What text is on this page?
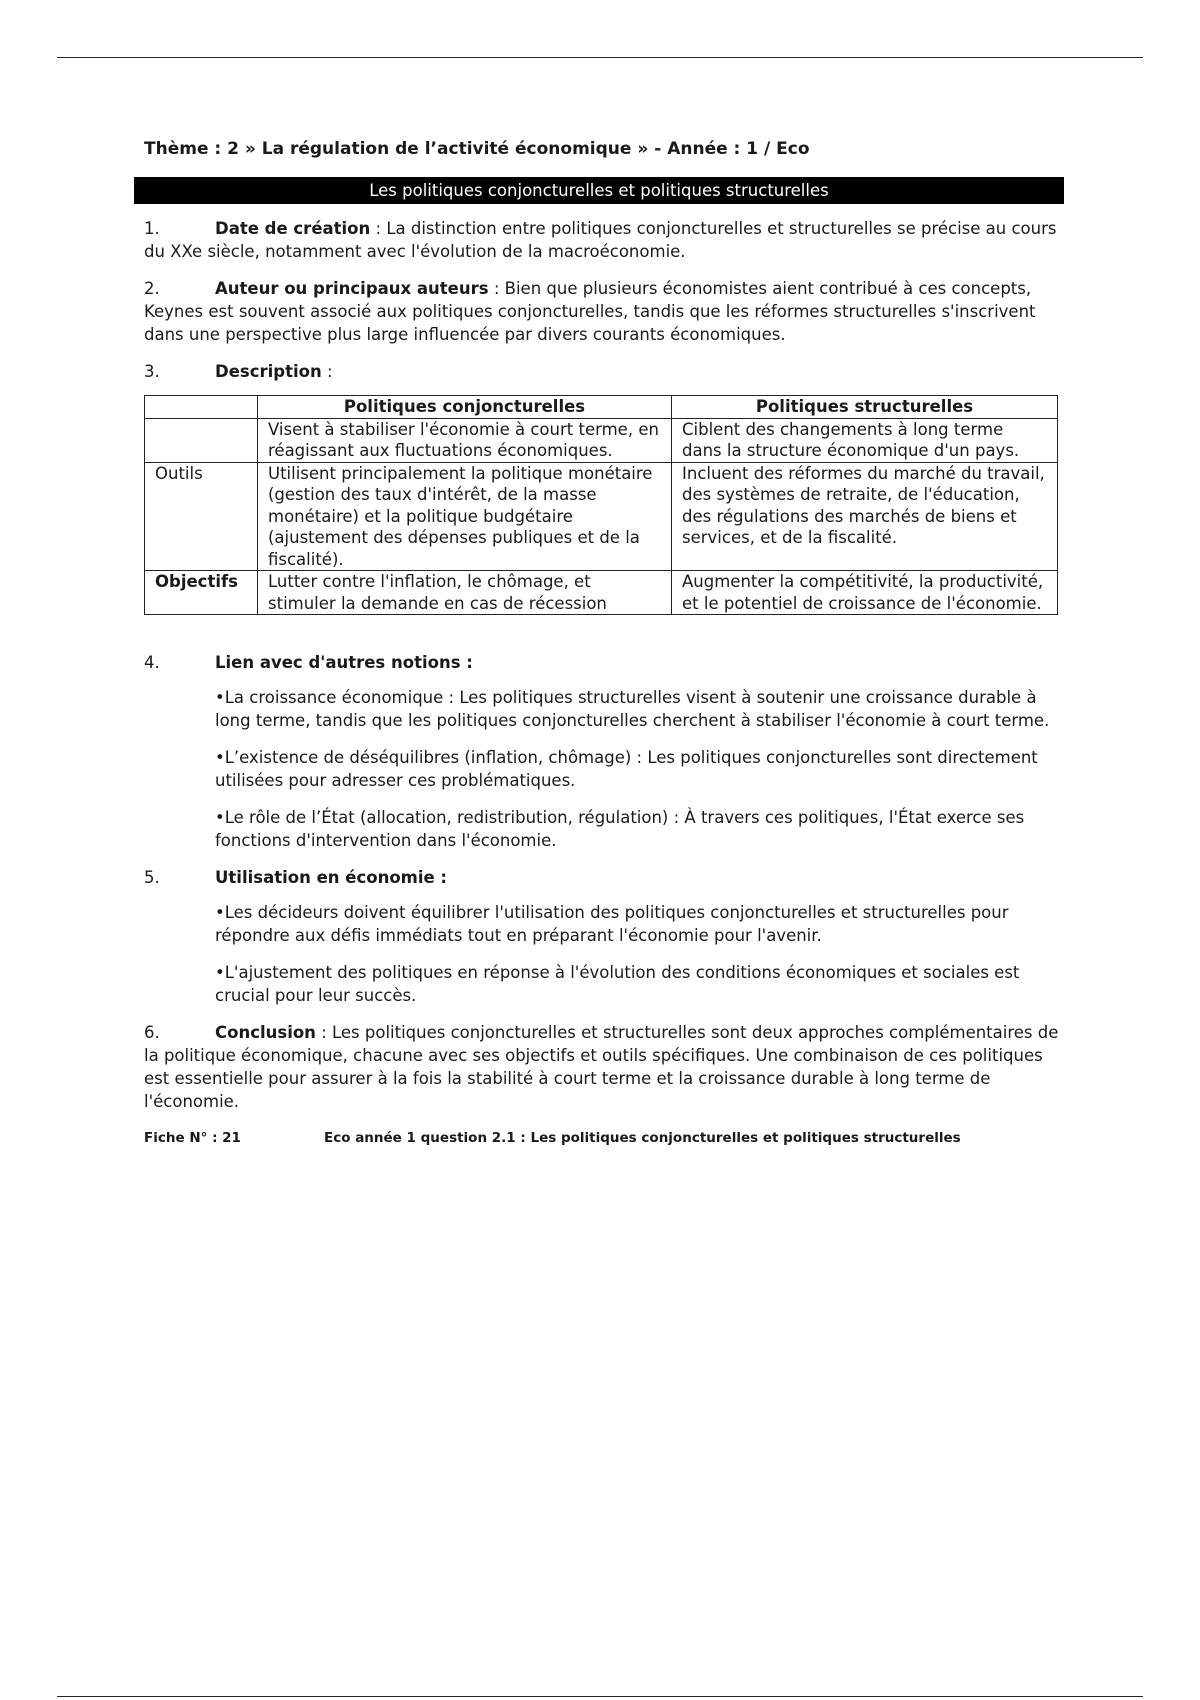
Thème : 2 » La régulation de l’activité économique » - Année : 1 / Eco

Les politiques conjoncturelles et politiques structurelles

1.	Date de création : La distinction entre politiques conjoncturelles et structurelles se précise au cours du XXe siècle, notamment avec l'évolution de la macroéconomie.

2.	Auteur ou principaux auteurs : Bien que plusieurs économistes aient contribué à ces concepts, Keynes est souvent associé aux politiques conjoncturelles, tandis que les réformes structurelles s'inscrivent dans une perspective plus large influencée par divers courants économiques.

3.	Description :

	Politiques conjoncturelles	Politiques structurelles
	Visent à stabiliser l'économie à court terme, en réagissant aux fluctuations économiques.	Ciblent des changements à long terme dans la structure économique d'un pays.
Outils	Utilisent principalement la politique monétaire (gestion des taux d'intérêt, de la masse monétaire) et la politique budgétaire (ajustement des dépenses publiques et de la fiscalité).	Incluent des réformes du marché du travail, des systèmes de retraite, de l'éducation, des régulations des marchés de biens et services, et de la fiscalité.
Objectifs	Lutter contre l'inflation, le chômage, et stimuler la demande en cas de récession	Augmenter la compétitivité, la productivité, et le potentiel de croissance de l'économie.

4.	Lien avec d'autres notions :

•La croissance économique : Les politiques structurelles visent à soutenir une croissance durable à long terme, tandis que les politiques conjoncturelles cherchent à stabiliser l'économie à court terme.

•L’existence de déséquilibres (inflation, chômage) : Les politiques conjoncturelles sont directement utilisées pour adresser ces problématiques.

•Le rôle de l’État (allocation, redistribution, régulation) : À travers ces politiques, l'État exerce ses fonctions d'intervention dans l'économie.

5.	Utilisation en économie :

•Les décideurs doivent équilibrer l'utilisation des politiques conjoncturelles et structurelles pour répondre aux défis immédiats tout en préparant l'économie pour l'avenir.

•L'ajustement des politiques en réponse à l'évolution des conditions économiques et sociales est crucial pour leur succès.

6.	Conclusion : Les politiques conjoncturelles et structurelles sont deux approches complémentaires de la politique économique, chacune avec ses objectifs et outils spécifiques. Une combinaison de ces politiques est essentielle pour assurer à la fois la stabilité à court terme et la croissance durable à long terme de l'économie.

Fiche N° : 21	Eco année 1 question 2.1 : Les politiques conjoncturelles et politiques structurelles
